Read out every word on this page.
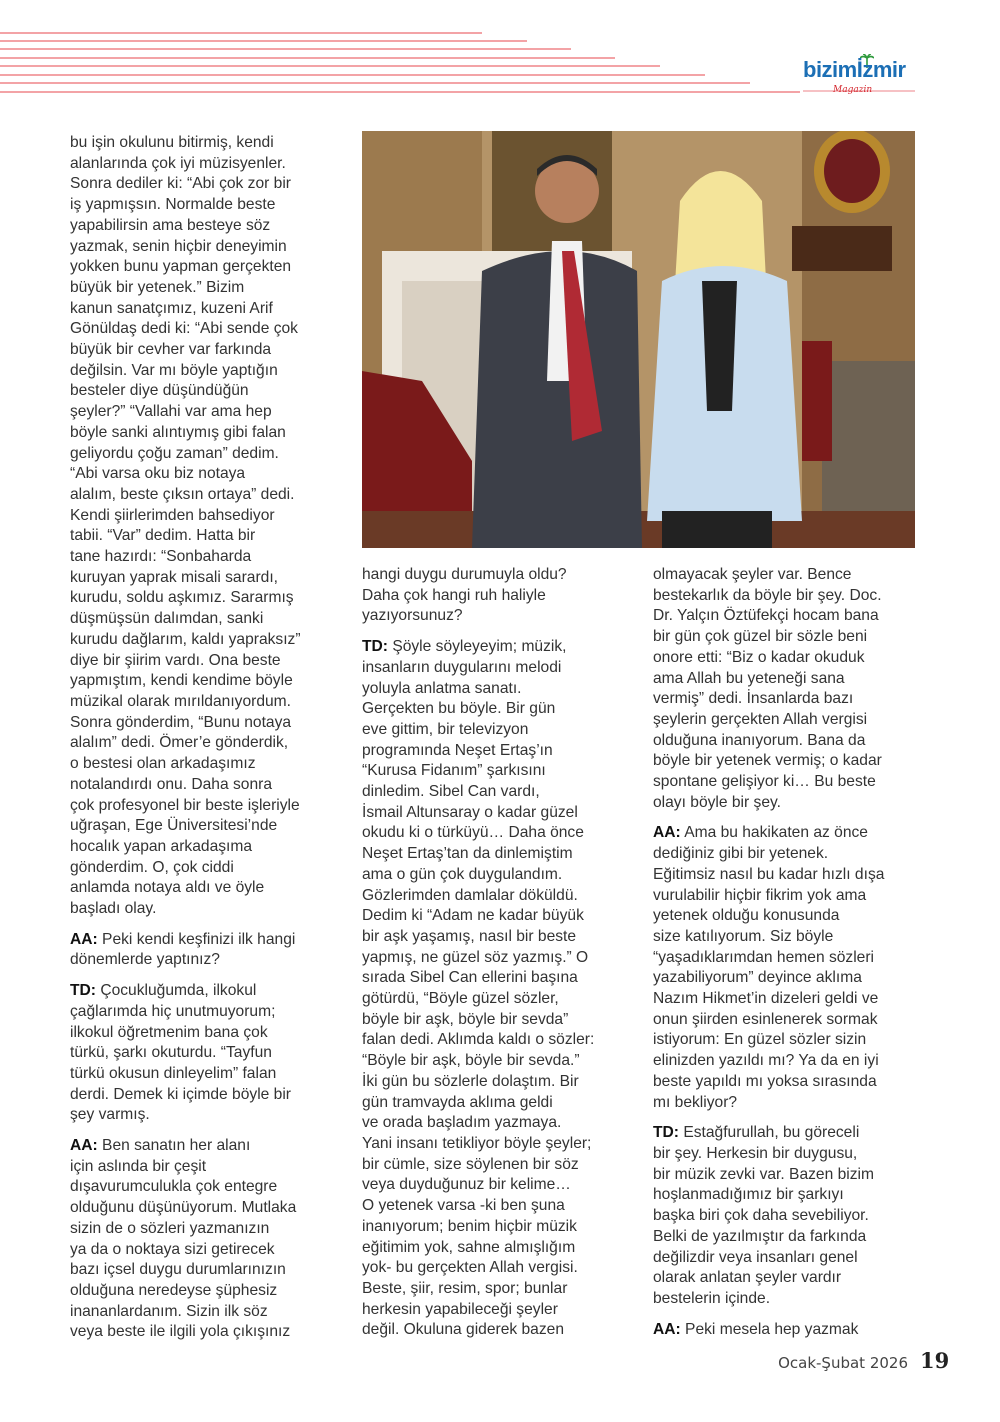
bizimİzmir
Magazin
bu işin okulunu bitirmiş, kendi
alanlarında çok iyi müzisyenler.
Sonra dediler ki: “Abi çok zor bir
iş yapmışsın. Normalde beste
yapabilirsin ama besteye söz
yazmak, senin hiçbir deneyimin
yokken bunu yapman gerçekten
büyük bir yetenek.” Bizim
kanun sanatçımız, kuzeni Arif
Gönüldaş dedi ki: “Abi sende çok
büyük bir cevher var farkında
değilsin. Var mı böyle yaptığın
besteler diye düşündüğün
şeyler?” “Vallahi var ama hep
böyle sanki alıntıymış gibi falan
geliyordu çoğu zaman” dedim.
“Abi varsa oku biz notaya
alalım, beste çıksın ortaya” dedi.
Kendi şiirlerimden bahsediyor
tabii. “Var” dedim. Hatta bir
tane hazırdı: “Sonbaharda
kuruyan yaprak misali sarardı,
kurudu, soldu aşkımız. Sararmış
düşmüşsün dalımdan, sanki
kurudu dağlarım, kaldı yapraksız”
diye bir şiirim vardı. Ona beste
yapmıştım, kendi kendime böyle
müzikal olarak mırıldanıyordum.
Sonra gönderdim, “Bunu notaya
alalım” dedi. Ömer’e gönderdik,
o bestesi olan arkadaşımız
notalandırdı onu. Daha sonra
çok profesyonel bir beste işleriyle
uğraşan, Ege Üniversitesi’nde
hocalık yapan arkadaşıma
gönderdim. O, çok ciddi
anlamda notaya aldı ve öyle
başladı olay.
AA: Peki kendi keşfinizi ilk hangi
dönemlerde yaptınız?
TD: Çocukluğumda, ilkokul
çağlarımda hiç unutmuyorum;
ilkokul öğretmenim bana çok
türkü, şarkı okuturdu. “Tayfun
türkü okusun dinleyelim” falan
derdi. Demek ki içimde böyle bir
şey varmış.
AA: Ben sanatın her alanı
için aslında bir çeşit
dışavurumculukla çok entegre
olduğunu düşünüyorum. Mutlaka
sizin de o sözleri yazmanızın
ya da o noktaya sizi getirecek
bazı içsel duygu durumlarınızın
olduğuna neredeyse şüphesiz
inananlardanım. Sizin ilk söz
veya beste ile ilgili yola çıkışınız
hangi duygu durumuyla oldu?
Daha çok hangi ruh haliyle
yazıyorsunuz?
TD: Şöyle söyleyeyim; müzik,
insanların duygularını melodi
yoluyla anlatma sanatı.
Gerçekten bu böyle. Bir gün
eve gittim, bir televizyon
programında Neşet Ertaş’ın
“Kurusa Fidanım” şarkısını
dinledim. Sibel Can vardı,
İsmail Altunsaray o kadar güzel
okudu ki o türküyü… Daha önce
Neşet Ertaş’tan da dinlemiştim
ama o gün çok duygulandım.
Gözlerimden damlalar döküldü.
Dedim ki “Adam ne kadar büyük
bir aşk yaşamış, nasıl bir beste
yapmış, ne güzel söz yazmış.” O
sırada Sibel Can ellerini başına
götürdü, “Böyle güzel sözler,
böyle bir aşk, böyle bir sevda”
falan dedi. Aklımda kaldı o sözler:
“Böyle bir aşk, böyle bir sevda.”
İki gün bu sözlerle dolaştım. Bir
gün tramvayda aklıma geldi
ve orada başladım yazmaya.
Yani insanı tetikliyor böyle şeyler;
bir cümle, size söylenen bir söz
veya duyduğunuz bir kelime…
O yetenek varsa -ki ben şuna
inanıyorum; benim hiçbir müzik
eğitimim yok, sahne almışlığım
yok- bu gerçekten Allah vergisi.
Beste, şiir, resim, spor; bunlar
herkesin yapabileceği şeyler
değil. Okuluna giderek bazen
olmayacak şeyler var. Bence
bestekarlık da böyle bir şey. Doc.
Dr. Yalçın Öztüfekçi hocam bana
bir gün çok güzel bir sözle beni
onore etti: “Biz o kadar okuduk
ama Allah bu yeteneği sana
vermiş” dedi. İnsanlarda bazı
şeylerin gerçekten Allah vergisi
olduğuna inanıyorum. Bana da
böyle bir yetenek vermiş; o kadar
spontane gelişiyor ki… Bu beste
olayı böyle bir şey.
AA: Ama bu hakikaten az önce
dediğiniz gibi bir yetenek.
Eğitimsiz nasıl bu kadar hızlı dışa
vurulabilir hiçbir fikrim yok ama
yetenek olduğu konusunda
size katılıyorum. Siz böyle
“yaşadıklarımdan hemen sözleri
yazabiliyorum” deyince aklıma
Nazım Hikmet’in dizeleri geldi ve
onun şiirden esinlenerek sormak
istiyorum: En güzel sözler sizin
elinizden yazıldı mı? Ya da en iyi
beste yapıldı mı yoksa sırasında
mı bekliyor?
TD: Estağfurullah, bu göreceli
bir şey. Herkesin bir duygusu,
bir müzik zevki var. Bazen bizim
hoşlanmadığımız bir şarkıyı
başka biri çok daha sevebiliyor.
Belki de yazılmıştır da farkında
değilizdir veya insanları genel
olarak anlatan şeyler vardır
bestelerin içinde.
AA: Peki mesela hep yazmak
Ocak-Şubat 2026 19
